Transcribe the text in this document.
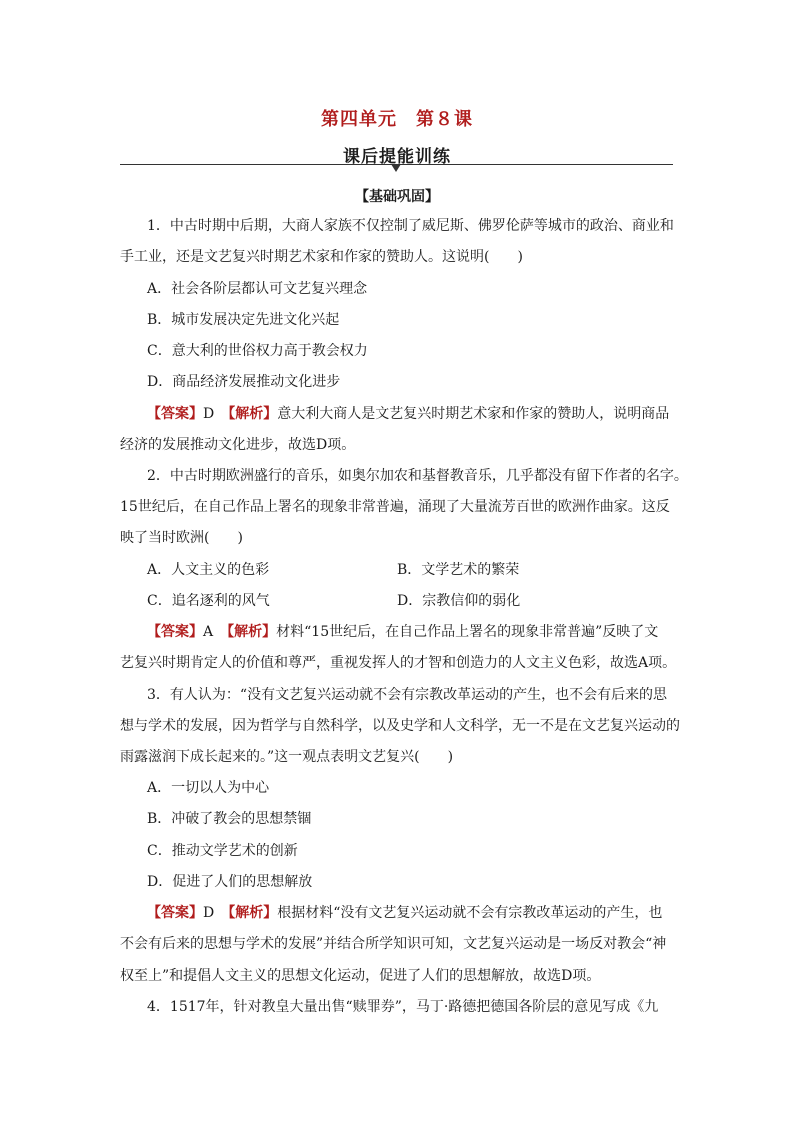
第四单元　第８课
课后提能训练
【基础巩固】
1．中古时期中后期，大商人家族不仅控制了威尼斯、佛罗伦萨等城市的政治、商业和
手工业，还是文艺复兴时期艺术家和作家的赞助人。这说明(　　)
A．社会各阶层都认可文艺复兴理念
B．城市发展决定先进文化兴起
C．意大利的世俗权力高于教会权力
D．商品经济发展推动文化进步
【答案】D　 【解析】意大利大商人是文艺复兴时期艺术家和作家的赞助人，说明商品
经济的发展推动文化进步，故选D项。
2．中古时期欧洲盛行的音乐，如奥尔加农和基督教音乐，几乎都没有留下作者的名字。
15世纪后，在自己作品上署名的现象非常普遍，涌现了大量流芳百世的欧洲作曲家。这反
映了当时欧洲(　　)
A．人文主义的色彩	B．文学艺术的繁荣
C．追名逐利的风气	D．宗教信仰的弱化
【答案】A　 【解析】材料“15世纪后，在自己作品上署名的现象非常普遍”反映了文
艺复兴时期肯定人的价值和尊严，重视发挥人的才智和创造力的人文主义色彩，故选A项。
3．有人认为：“没有文艺复兴运动就不会有宗教改革运动的产生，也不会有后来的思
想与学术的发展，因为哲学与自然科学，以及史学和人文科学，无一不是在文艺复兴运动的
雨露滋润下成长起来的。”这一观点表明文艺复兴(　　)
A．一切以人为中心
B．冲破了教会的思想禁锢
C．推动文学艺术的创新
D．促进了人们的思想解放
【答案】D　 【解析】根据材料“没有文艺复兴运动就不会有宗教改革运动的产生，也
不会有后来的思想与学术的发展”并结合所学知识可知，文艺复兴运动是一场反对教会“神
权至上”和提倡人文主义的思想文化运动，促进了人们的思想解放，故选D项。
4．1517年，针对教皇大量出售“赎罪券”，马丁·路德把德国各阶层的意见写成《九
